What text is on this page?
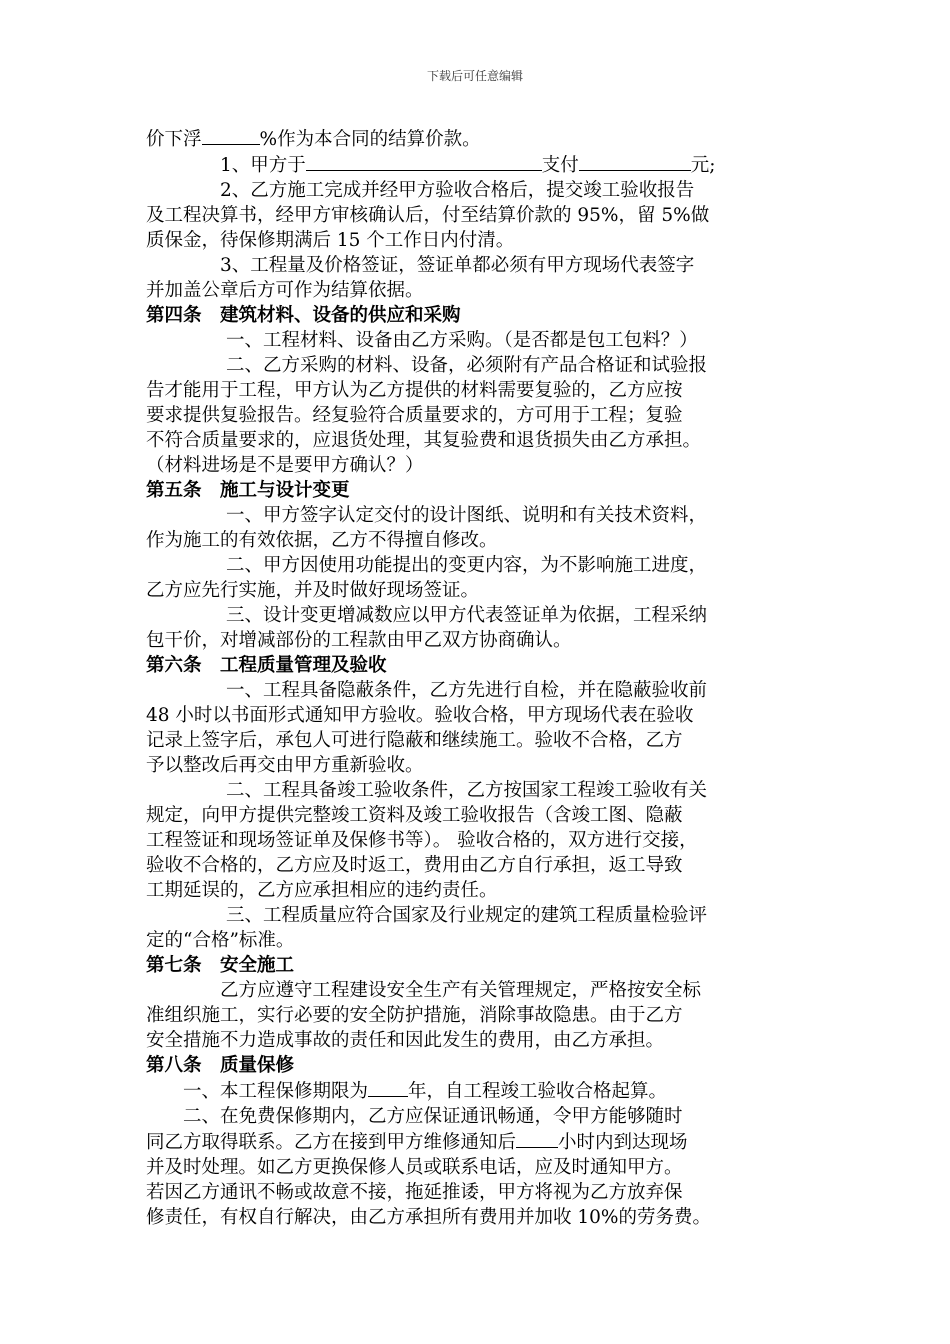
下载后可任意编辑
价下浮	%作为本合同的结算价款。
1、甲方于	支付	元;
2、乙方施工完成并经甲方验收合格后，提交竣工验收报告
及工程决算书，经甲方审核确认后，付至结算价款的 95%，留 5%做
质保金，待保修期满后 15 个工作日内付清。
3、工程量及价格签证，签证单都必须有甲方现场代表签字
并加盖公章后方可作为结算依据。
第四条　建筑材料、设备的供应和采购
一、工程材料、设备由乙方采购。（是否都是包工包料？）
二、乙方采购的材料、设备，必须附有产品合格证和试验报
告才能用于工程，甲方认为乙方提供的材料需要复验的，乙方应按
要求提供复验报告。经复验符合质量要求的，方可用于工程；复验
不符合质量要求的，应退货处理，其复验费和退货损失由乙方承担。
（材料进场是不是要甲方确认？）
第五条　施工与设计变更
一、甲方签字认定交付的设计图纸、说明和有关技术资料，
作为施工的有效依据，乙方不得擅自修改。
二、甲方因使用功能提出的变更内容，为不影响施工进度，
乙方应先行实施，并及时做好现场签证。
三、设计变更增减数应以甲方代表签证单为依据，工程采纳
包干价，对增减部份的工程款由甲乙双方协商确认。
第六条　工程质量管理及验收
一、工程具备隐蔽条件，乙方先进行自检，并在隐蔽验收前
48 小时以书面形式通知甲方验收。验收合格，甲方现场代表在验收
记录上签字后，承包人可进行隐蔽和继续施工。验收不合格，乙方
予以整改后再交由甲方重新验收。
二、工程具备竣工验收条件，乙方按国家工程竣工验收有关
规定，向甲方提供完整竣工资料及竣工验收报告（含竣工图、隐蔽
工程签证和现场签证单及保修书等）。 验收合格的，双方进行交接，
验收不合格的，乙方应及时返工，费用由乙方自行承担，返工导致
工期延误的，乙方应承担相应的违约责任。
三、工程质量应符合国家及行业规定的建筑工程质量检验评
定的“合格”标准。
第七条　安全施工
乙方应遵守工程建设安全生产有关管理规定，严格按安全标
准组织施工，实行必要的安全防护措施，消除事故隐患。由于乙方
安全措施不力造成事故的责任和因此发生的费用，由乙方承担。
第八条　质量保修
一、本工程保修期限为 年，自工程竣工验收合格起算。
二、在免费保修期内，乙方应保证通讯畅通，令甲方能够随时
同乙方取得联系。乙方在接到甲方维修通知后 小时内到达现场
并及时处理。如乙方更换保修人员或联系电话，应及时通知甲方。
若因乙方通讯不畅或故意不接，拖延推诿，甲方将视为乙方放弃保
修责任，有权自行解决，由乙方承担所有费用并加收 10%的劳务费。
